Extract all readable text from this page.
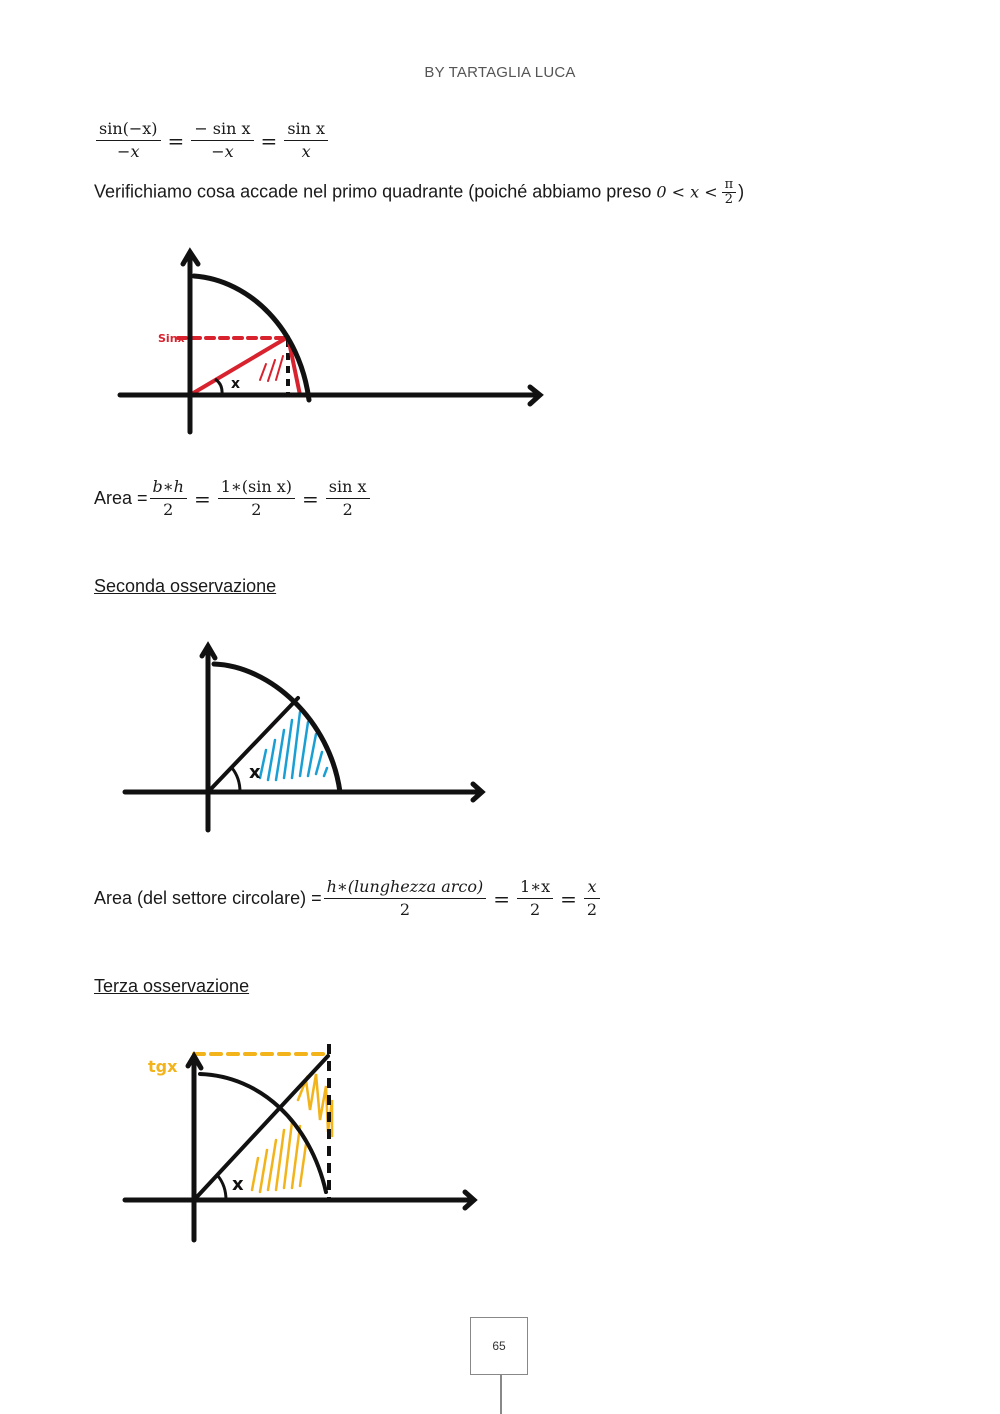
BY TARTAGLIA LUCA
$\frac{\sin(-x)}{-x} = \frac{\text{− sin x}}{-x} = \frac{\text{sin x}}{x}$
Verifichiamo cosa accade nel primo quadrante (poiché abbiamo preso $0 < x < \frac{\pi}{2}$ )
Sinx
x
Area = $\frac{b∗h}{2} = \frac{\text{1∗(sin x)}}{2} = \frac{\text{sin x}}{2}$
Seconda osservazione
x
Area (del settore circolare) = $\frac{\text{h∗(lunghezza arco)}}{2} = \frac{1∗x}{2} = \frac{x}{2}$
Terza osservazione
tgx
x
65
